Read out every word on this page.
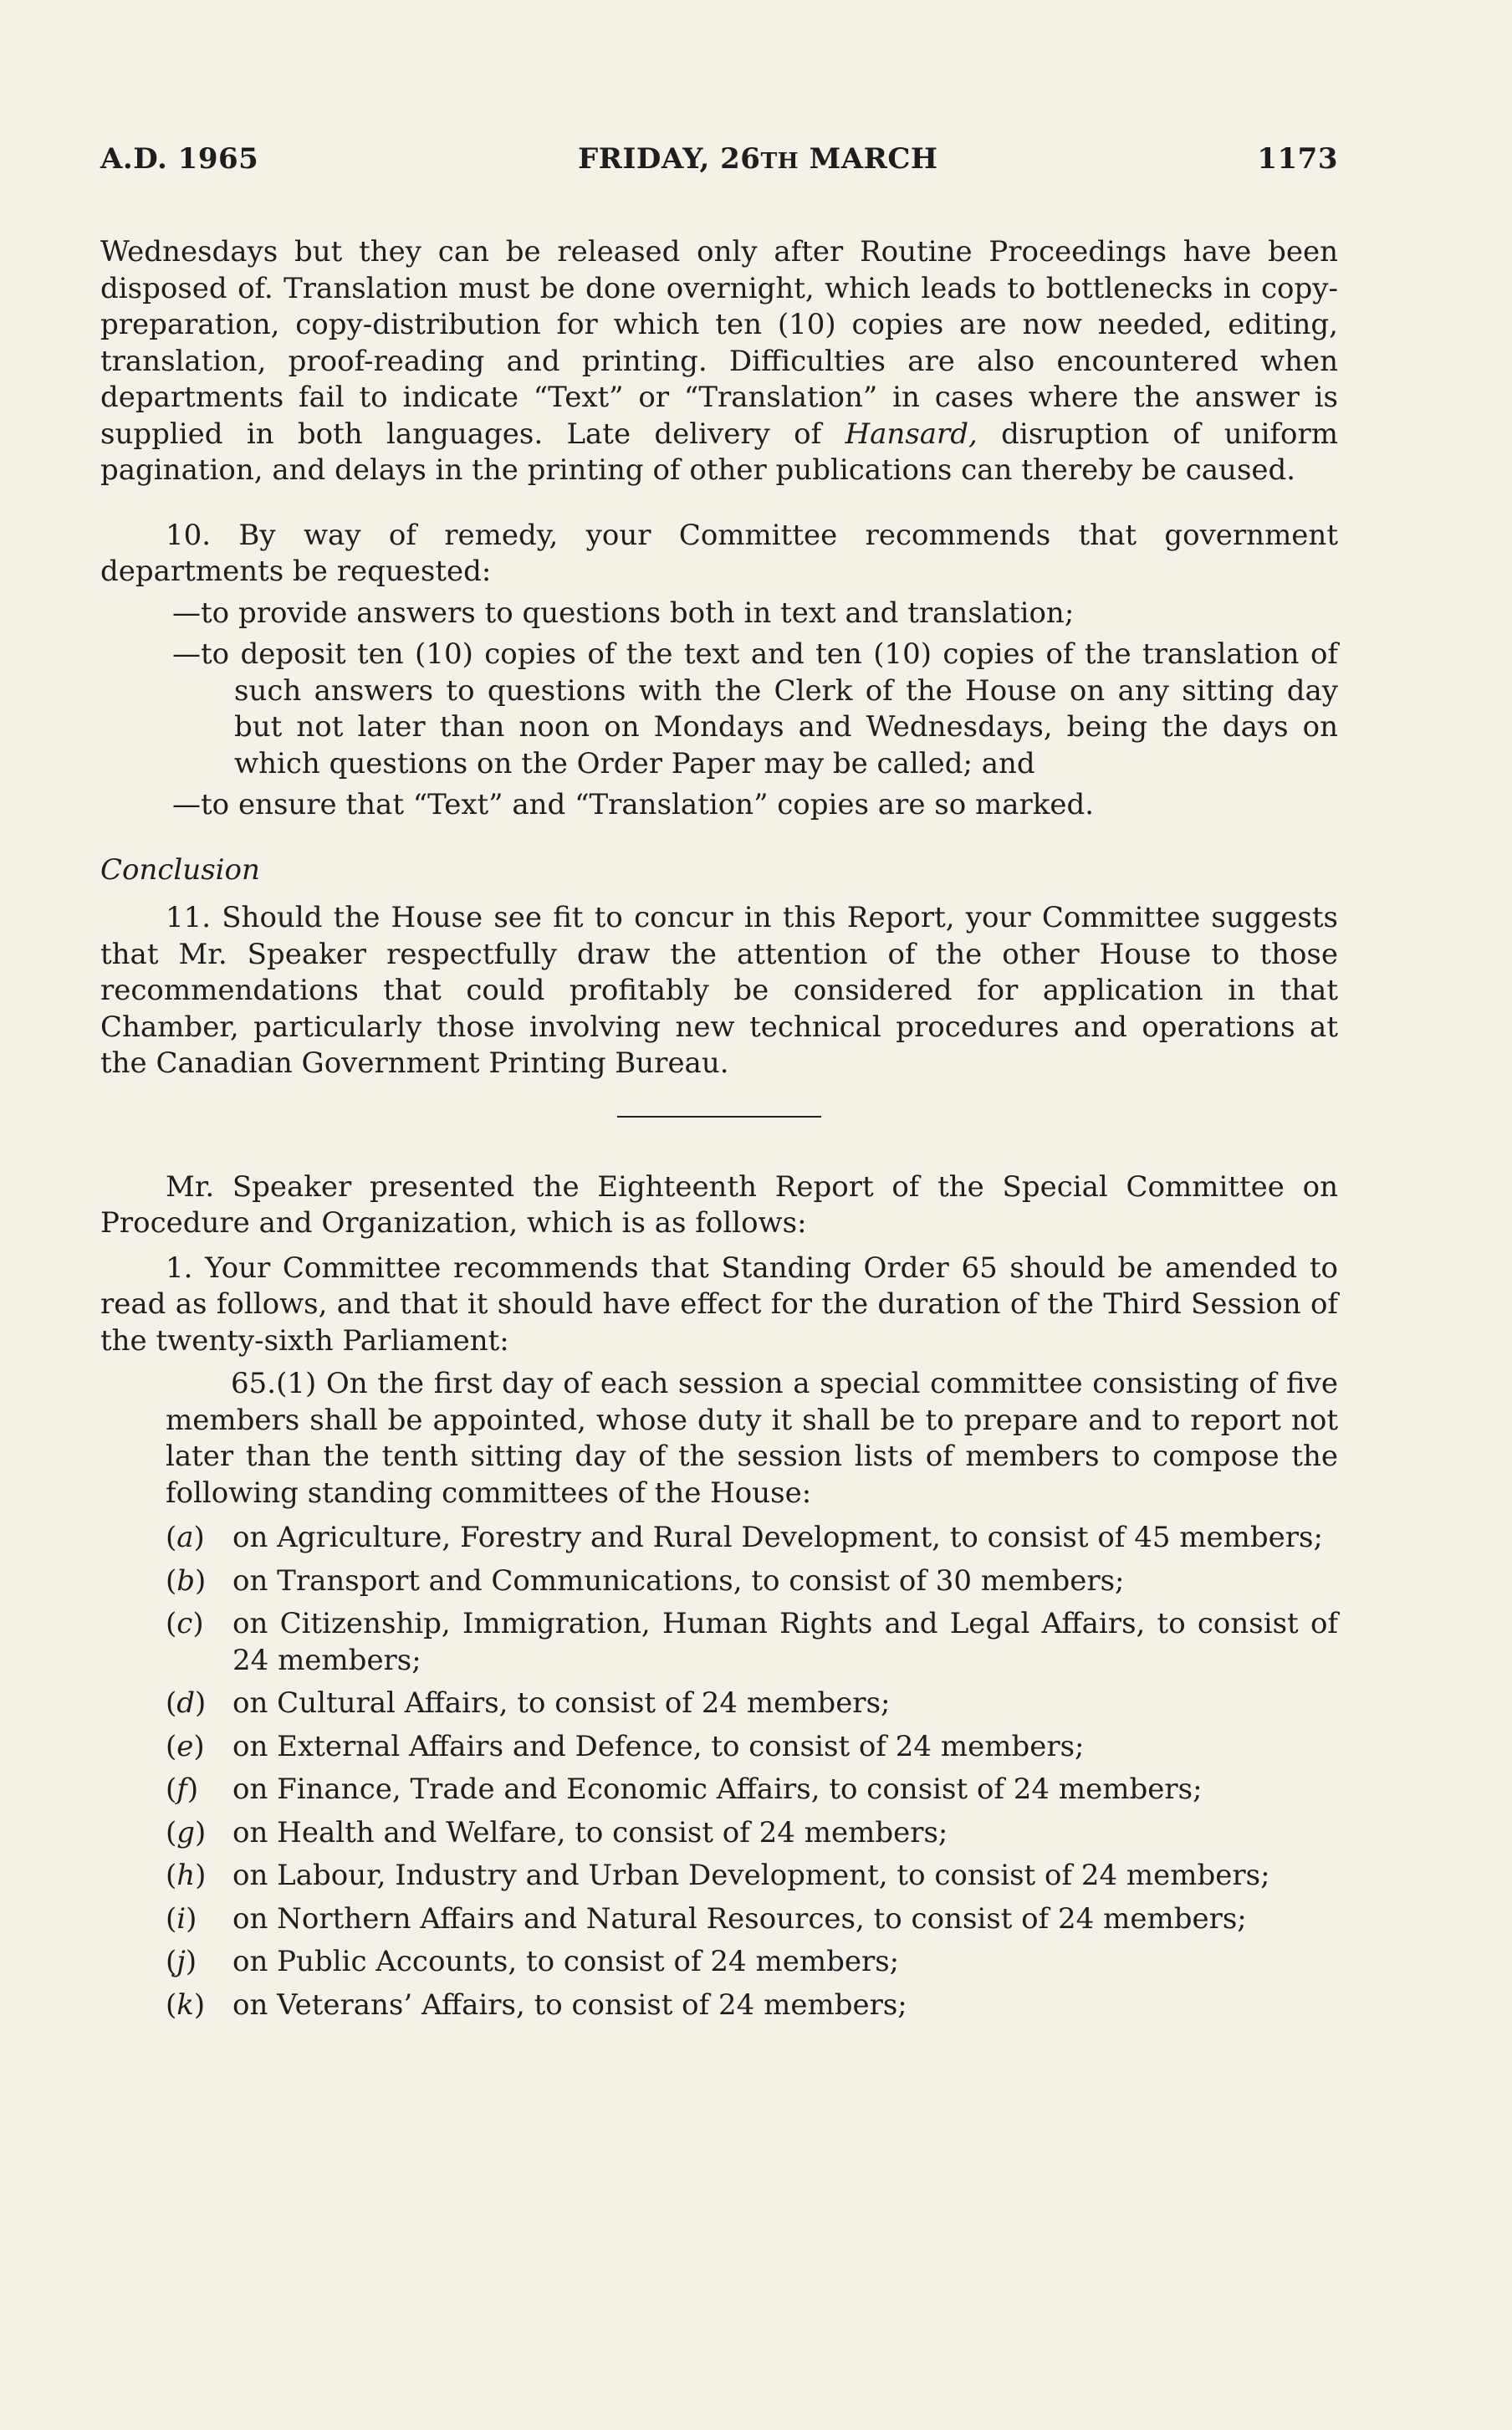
A.D. 1965	FRIDAY, 26TH MARCH	1173

Wednesdays but they can be released only after Routine Proceedings have been disposed of. Translation must be done overnight, which leads to bottlenecks in copy-preparation, copy-distribution for which ten (10) copies are now needed, editing, translation, proof-reading and printing. Difficulties are also encountered when departments fail to indicate “Text” or “Translation” in cases where the answer is supplied in both languages. Late delivery of Hansard, disruption of uniform pagination, and delays in the printing of other publications can thereby be caused.

10. By way of remedy, your Committee recommends that government departments be requested:

—to provide answers to questions both in text and translation;

—to deposit ten (10) copies of the text and ten (10) copies of the translation of such answers to questions with the Clerk of the House on any sitting day but not later than noon on Mondays and Wednesdays, being the days on which questions on the Order Paper may be called; and

—to ensure that “Text” and “Translation” copies are so marked.

Conclusion

11. Should the House see fit to concur in this Report, your Committee suggests that Mr. Speaker respectfully draw the attention of the other House to those recommendations that could profitably be considered for application in that Chamber, particularly those involving new technical procedures and operations at the Canadian Government Printing Bureau.

Mr. Speaker presented the Eighteenth Report of the Special Committee on Procedure and Organization, which is as follows:

1. Your Committee recommends that Standing Order 65 should be amended to read as follows, and that it should have effect for the duration of the Third Session of the twenty-sixth Parliament:

65.(1) On the first day of each session a special committee consisting of five members shall be appointed, whose duty it shall be to prepare and to report not later than the tenth sitting day of the session lists of members to compose the following standing committees of the House:

(a) on Agriculture, Forestry and Rural Development, to consist of 45 members;
(b) on Transport and Communications, to consist of 30 members;
(c)	on Citizenship, Immigration, Human Rights and Legal Affairs, to consist of 24 members;
(d) on Cultural Affairs, to consist of 24 members;
(e) on External Affairs and Defence, to consist of 24 members;
(f)	on Finance, Trade and Economic Affairs, to consist of 24 members;
(g) on Health and Welfare, to consist of 24 members;
(h) on Labour, Industry and Urban Development, to consist of 24 members;
(i)	on Northern Affairs and Natural Resources, to consist of 24 members;
(j)	on Public Accounts, to consist of 24 members;
(k) on Veterans’ Affairs, to consist of 24 members;
